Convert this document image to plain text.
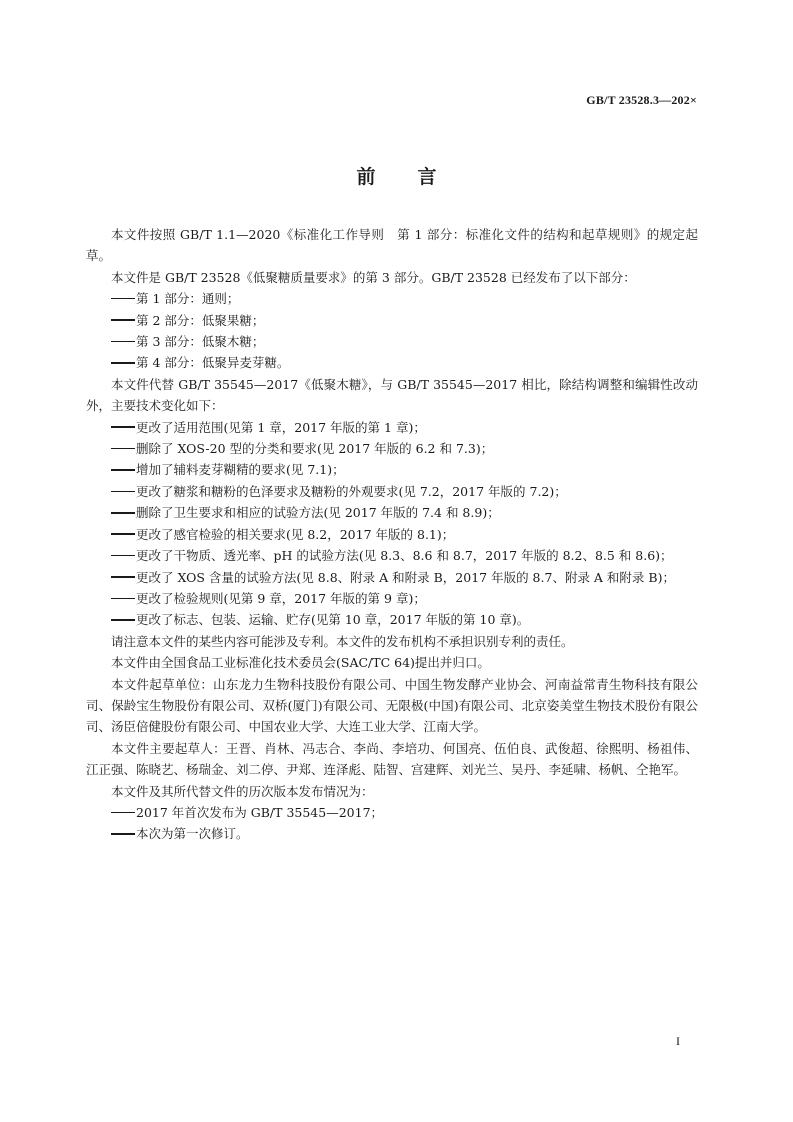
GB/T 23528.3—202×
前言

本文件按照 GB/T 1.1—2020《标准化工作导则　第 1 部分：标准化文件的结构和起草规则》的规定起草。

本文件是 GB/T 23528《低聚糖质量要求》的第 3 部分。GB/T 23528 已经发布了以下部分：

第 1 部分：通则；
第 2 部分：低聚果糖；
第 3 部分：低聚木糖；
第 4 部分：低聚异麦芽糖。

本文件代替 GB/T 35545—2017《低聚木糖》，与 GB/T 35545—2017 相比，除结构调整和编辑性改动外，主要技术变化如下：

更改了适用范围(见第 1 章，2017 年版的第 1 章)；
删除了 XOS-20 型的分类和要求(见 2017 年版的 6.2 和 7.3)；
增加了辅料麦芽糊精的要求(见 7.1)；
更改了糖浆和糖粉的色泽要求及糖粉的外观要求(见 7.2，2017 年版的 7.2)；
删除了卫生要求和相应的试验方法(见 2017 年版的 7.4 和 8.9)；
更改了感官检验的相关要求(见 8.2，2017 年版的 8.1)；
更改了干物质、透光率、pH 的试验方法(见 8.3、8.6 和 8.7，2017 年版的 8.2、8.5 和 8.6)；
更改了 XOS 含量的试验方法(见 8.8、附录 A 和附录 B，2017 年版的 8.7、附录 A 和附录 B)；
更改了检验规则(见第 9 章，2017 年版的第 9 章)；
更改了标志、包装、运输、贮存(见第 10 章，2017 年版的第 10 章)。

请注意本文件的某些内容可能涉及专利。本文件的发布机构不承担识别专利的责任。

本文件由全国食品工业标准化技术委员会(SAC/TC 64)提出并归口。

本文件起草单位：山东龙力生物科技股份有限公司、中国生物发酵产业协会、河南益常青生物科技有限公司、保龄宝生物股份有限公司、双桥(厦门)有限公司、无限极(中国)有限公司、北京姿美堂生物技术股份有限公司、汤臣倍健股份有限公司、中国农业大学、大连工业大学、江南大学。

本文件主要起草人：王晋、肖林、冯志合、李尚、李培功、何国亮、伍伯良、武俊超、徐熙明、杨祖伟、江正强、陈晓艺、杨瑞金、刘二停、尹郑、连泽彪、陆智、宫建辉、刘光兰、吴丹、李延啸、杨帆、仝艳军。

本文件及其所代替文件的历次版本发布情况为：

2017 年首次发布为 GB/T 35545—2017；
本次为第一次修订。
I
